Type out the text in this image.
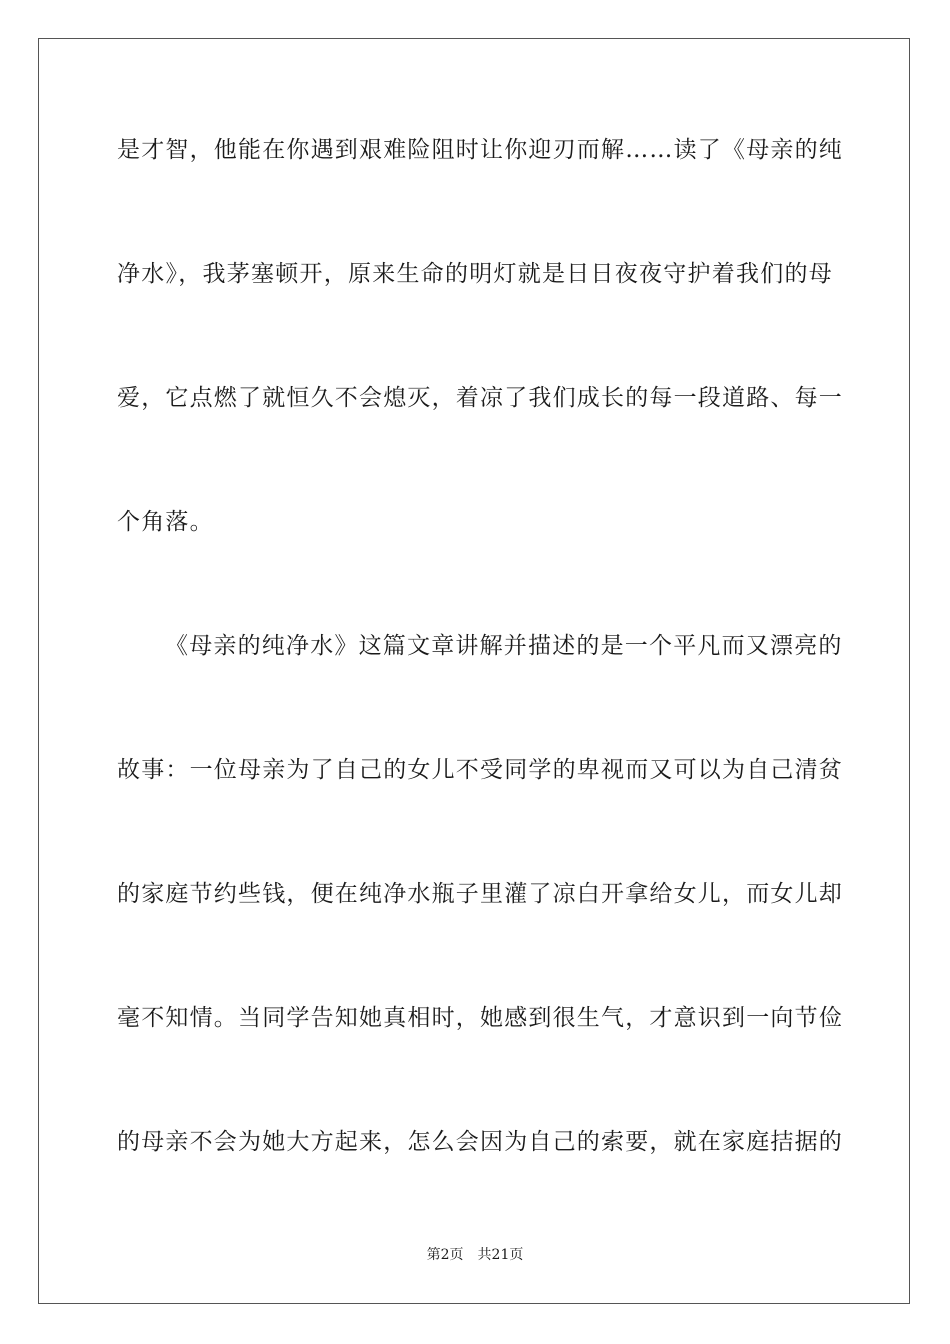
是才智，他能在你遇到艰难险阻时让你迎刃而解……读了《母亲的纯
净水》，我茅塞顿开，原来生命的明灯就是日日夜夜守护着我们的母
爱，它点燃了就恒久不会熄灭，着凉了我们成长的每一段道路、每一
个角落。
《母亲的纯净水》这篇文章讲解并描述的是一个平凡而又漂亮的
故事：一位母亲为了自己的女儿不受同学的卑视而又可以为自己清贫
的家庭节约些钱，便在纯净水瓶子里灌了凉白开拿给女儿，而女儿却
毫不知情。当同学告知她真相时，她感到很生气，才意识到一向节俭
的母亲不会为她大方起来，怎么会因为自己的索要，就在家庭拮据的
第2页 共21页
